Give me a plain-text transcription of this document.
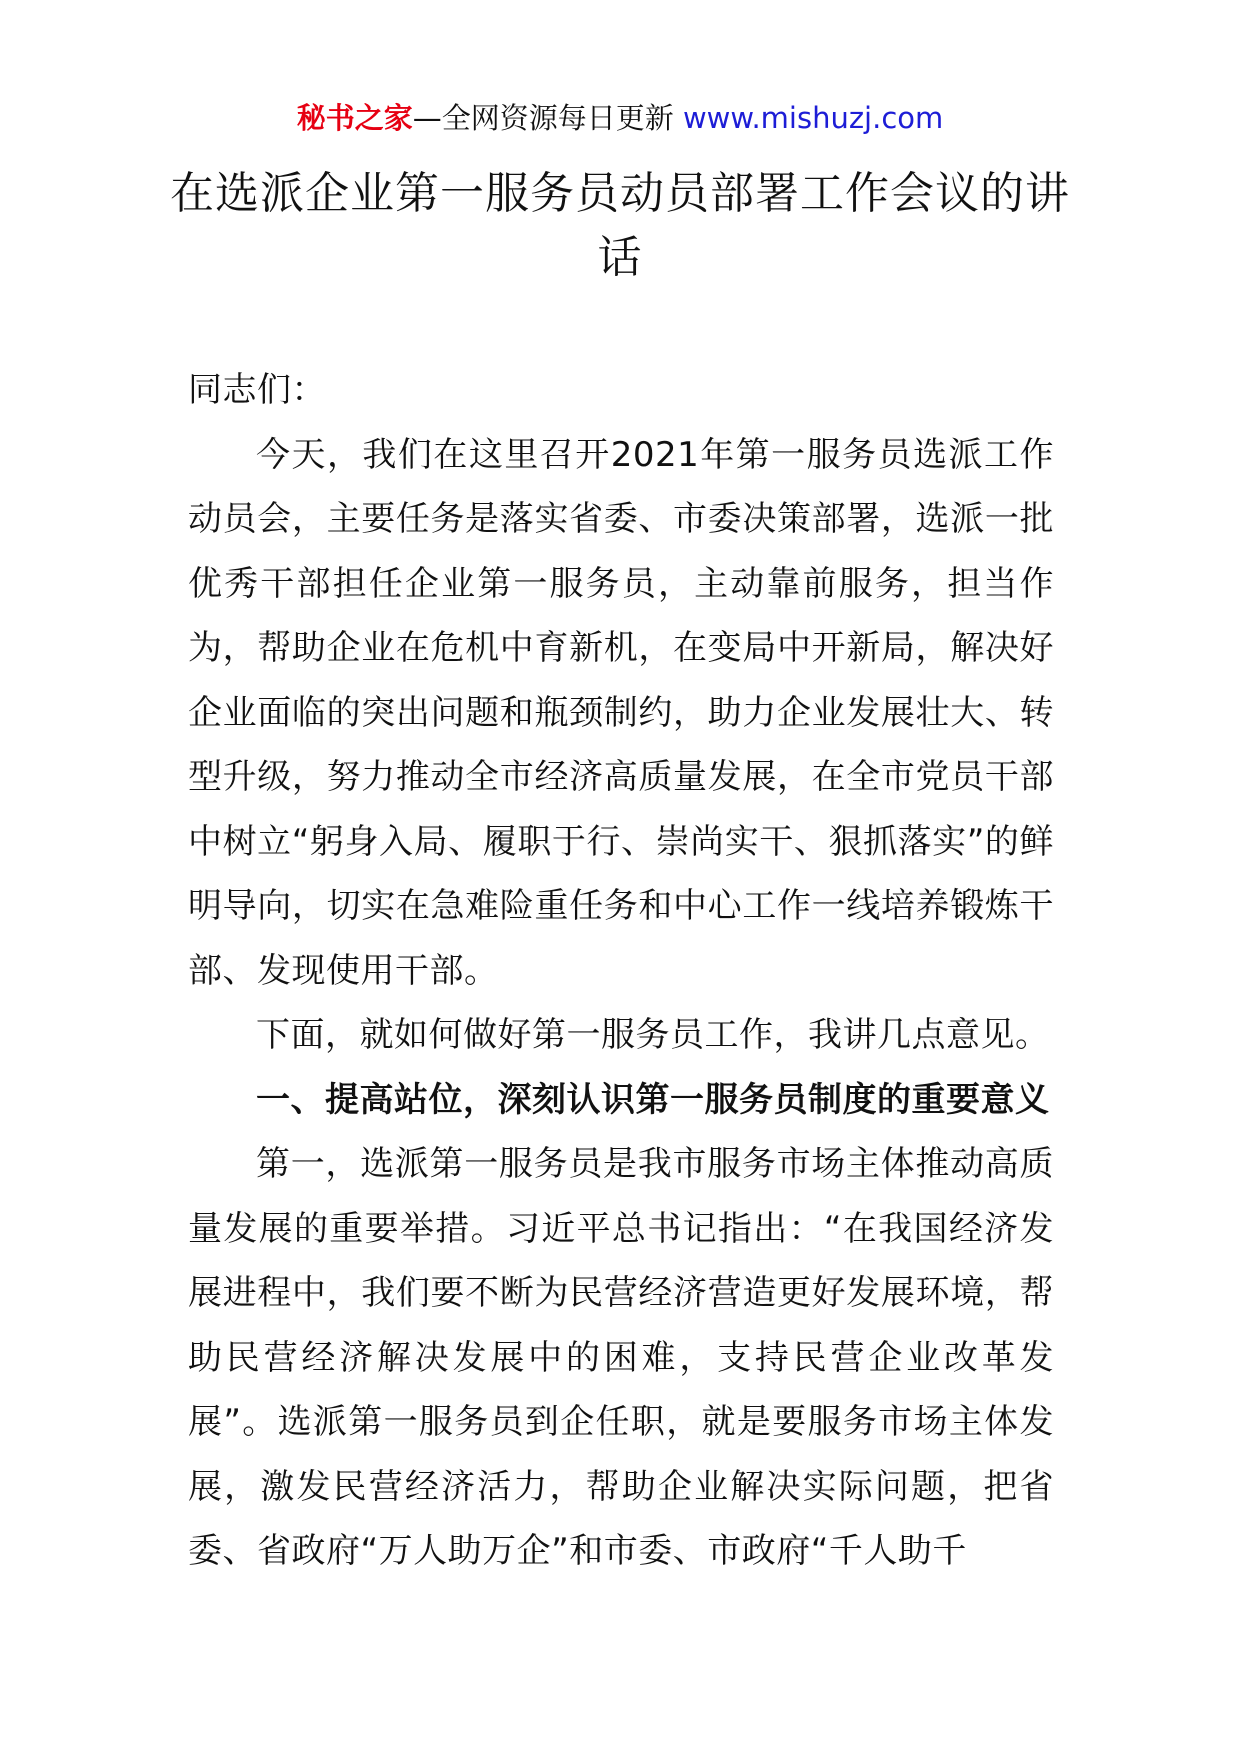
秘书之家—全网资源每日更新 www.mishuzj.com
在选派企业第一服务员动员部署工作会议的讲话

同志们：

今天，我们在这里召开2021年第一服务员选派工作动员会，主要任务是落实省委、市委决策部署，选派一批优秀干部担任企业第一服务员，主动靠前服务，担当作为，帮助企业在危机中育新机，在变局中开新局，解决好企业面临的突出问题和瓶颈制约，助力企业发展壮大、转型升级，努力推动全市经济高质量发展，在全市党员干部中树立“躬身入局、履职于行、崇尚实干、狠抓落实”的鲜明导向，切实在急难险重任务和中心工作一线培养锻炼干部、发现使用干部。

下面，就如何做好第一服务员工作，我讲几点意见。

一、提高站位，深刻认识第一服务员制度的重要意义

第一，选派第一服务员是我市服务市场主体推动高质量发展的重要举措。习近平总书记指出：“在我国经济发展进程中，我们要不断为民营经济营造更好发展环境，帮助民营经济解决发展中的困难，支持民营企业改革发展”。选派第一服务员到企任职，就是要服务市场主体发展，激发民营经济活力，帮助企业解决实际问题，把省委、省政府“万人助万企”和市委、市政府“千人助千
